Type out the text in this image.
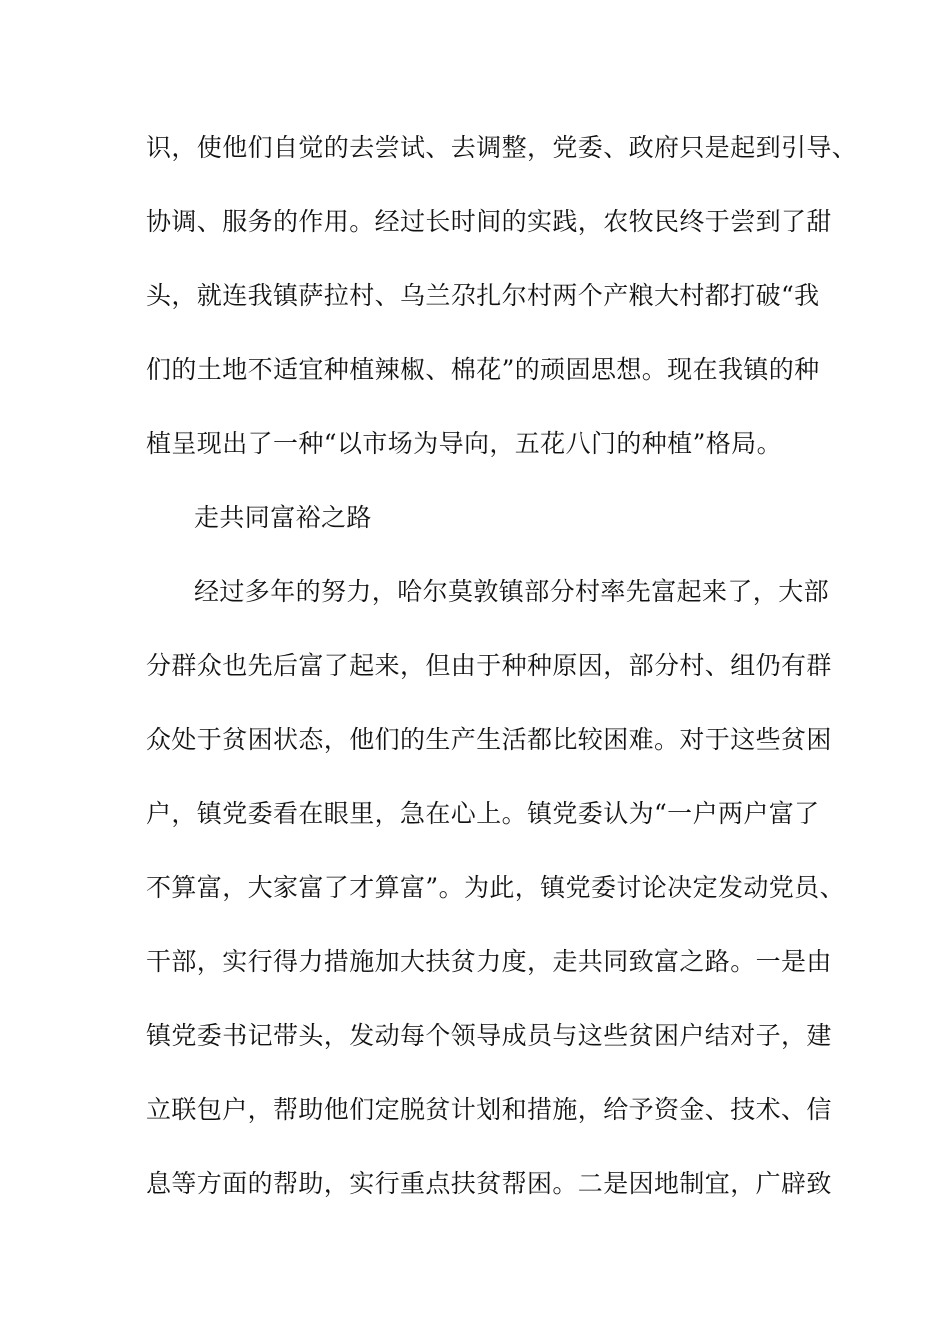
识，使他们自觉的去尝试、去调整，党委、政府只是起到引导、
协调、服务的作用。经过长时间的实践，农牧民终于尝到了甜
头，就连我镇萨拉村、乌兰尕扎尔村两个产粮大村都打破“我
们的土地不适宜种植辣椒、棉花”的顽固思想。现在我镇的种
植呈现出了一种“以市场为导向，五花八门的种植”格局。
走共同富裕之路
经过多年的努力，哈尔莫敦镇部分村率先富起来了，大部
分群众也先后富了起来，但由于种种原因，部分村、组仍有群
众处于贫困状态，他们的生产生活都比较困难。对于这些贫困
户，镇党委看在眼里，急在心上。镇党委认为“一户两户富了
不算富，大家富了才算富”。为此，镇党委讨论决定发动党员、
干部，实行得力措施加大扶贫力度，走共同致富之路。一是由
镇党委书记带头，发动每个领导成员与这些贫困户结对子，建
立联包户，帮助他们定脱贫计划和措施，给予资金、技术、信
息等方面的帮助，实行重点扶贫帮困。二是因地制宜，广辟致
